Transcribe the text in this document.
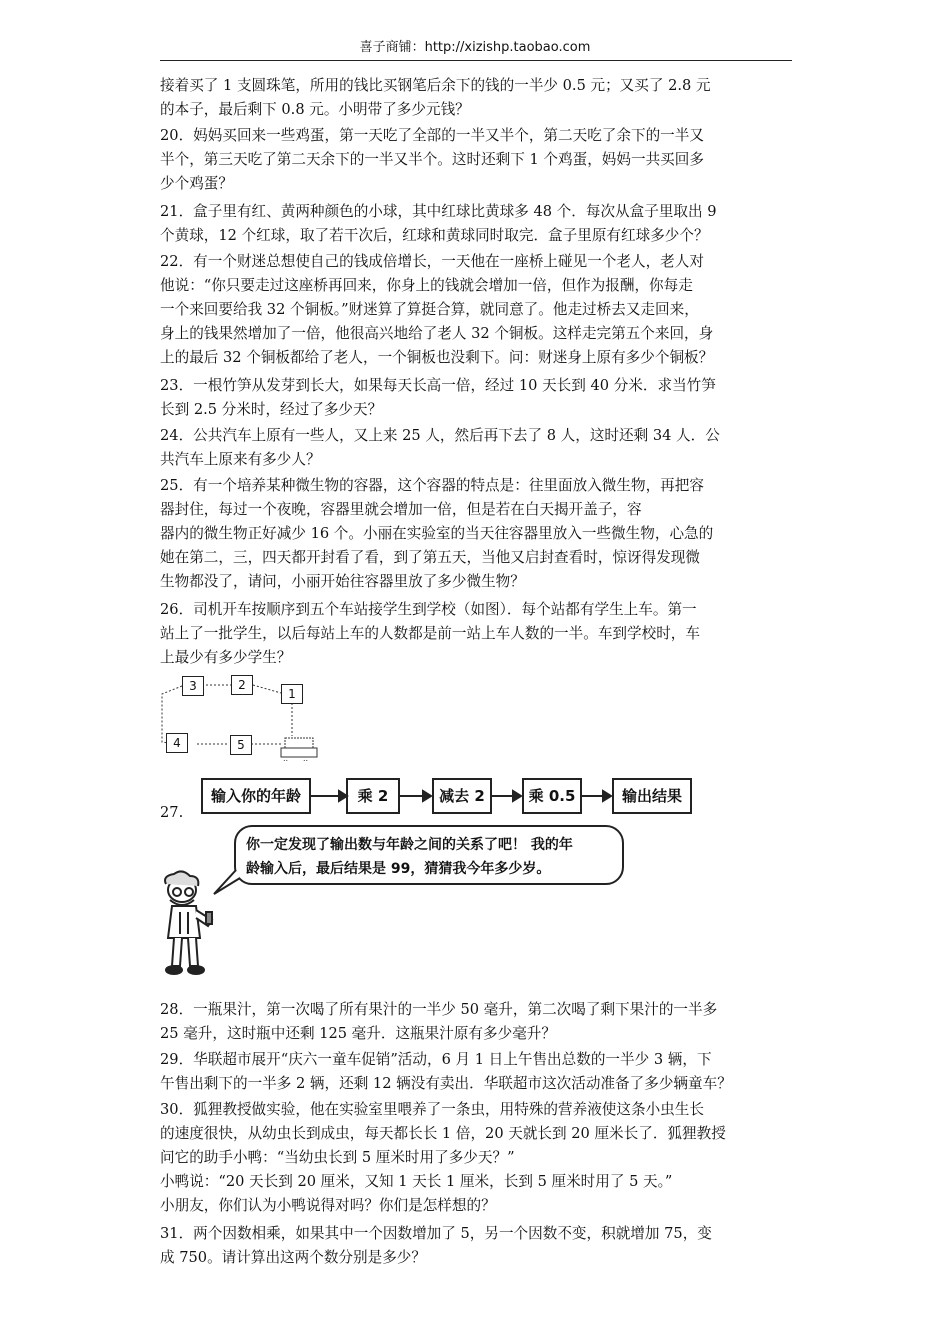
喜子商铺：http://xizishp.taobao.com
接着买了 1 支圆珠笔，所用的钱比买钢笔后余下的钱的一半少 0.5 元；又买了 2.8 元
的本子，最后剩下 0.8 元。小明带了多少元钱？
20．妈妈买回来一些鸡蛋，第一天吃了全部的一半又半个，第二天吃了余下的一半又
半个，第三天吃了第二天余下的一半又半个。这时还剩下 1 个鸡蛋，妈妈一共买回多
少个鸡蛋？
21．盒子里有红、黄两种颜色的小球，其中红球比黄球多 48 个．每次从盒子里取出 9
个黄球，12 个红球，取了若干次后，红球和黄球同时取完．盒子里原有红球多少个？
22．有一个财迷总想使自己的钱成倍增长，一天他在一座桥上碰见一个老人，老人对
他说：“你只要走过这座桥再回来，你身上的钱就会增加一倍，但作为报酬，你每走
一个来回要给我 32 个铜板。”财迷算了算挺合算，就同意了。他走过桥去又走回来，
身上的钱果然增加了一倍，他很高兴地给了老人 32 个铜板。这样走完第五个来回，身
上的最后 32 个铜板都给了老人，一个铜板也没剩下。问：财迷身上原有多少个铜板？
23．一根竹笋从发芽到长大，如果每天长高一倍，经过 10 天长到 40 分米．求当竹笋
长到 2.5 分米时，经过了多少天？
24．公共汽车上原有一些人，又上来 25 人，然后再下去了 8 人，这时还剩 34 人．公
共汽车上原来有多少人？
25．有一个培养某种微生物的容器，这个容器的特点是：往里面放入微生物，再把容
器封住，每过一个夜晚，容器里就会增加一倍，但是若在白天揭开盖子，容
器内的微生物正好减少 16 个。小丽在实验室的当天往容器里放入一些微生物，心急的
她在第二，三，四天都开封看了看，到了第五天，当他又启封查看时，惊讶得发现微
生物都没了，请问，小丽开始往容器里放了多少微生物？
26．司机开车按顺序到五个车站接学生到学校（如图）．每个站都有学生上车。第一
站上了一批学生，以后每站上车的人数都是前一站上车人数的一半。车到学校时，车
上最少有多少学生？
.. ..
3	2
1
4	5
27.
输入你的年龄	乘 2	减去 2	乘 0.5	输出结果
你一定发现了输出数与年龄之间的关系了吧！ 我的年
龄输入后，最后结果是 99，猜猜我今年多少岁。
28．一瓶果汁，第一次喝了所有果汁的一半少 50 毫升，第二次喝了剩下果汁的一半多
25 毫升，这时瓶中还剩 125 毫升．这瓶果汁原有多少毫升？
29．华联超市展开“庆六一童车促销”活动，6 月 1 日上午售出总数的一半少 3 辆，下
午售出剩下的一半多 2 辆，还剩 12 辆没有卖出．华联超市这次活动准备了多少辆童车？
30．狐狸教授做实验，他在实验室里喂养了一条虫，用特殊的营养液使这条小虫生长
的速度很快，从幼虫长到成虫，每天都长长 1 倍，20 天就长到 20 厘米长了．狐狸教授
问它的助手小鸭：“当幼虫长到 5 厘米时用了多少天？”
小鸭说：“20 天长到 20 厘米，又知 1 天长 1 厘米，长到 5 厘米时用了 5 天。”
小朋友，你们认为小鸭说得对吗？你们是怎样想的？
31．两个因数相乘，如果其中一个因数增加了 5，另一个因数不变，积就增加 75，变
成 750。请计算出这两个数分别是多少？
